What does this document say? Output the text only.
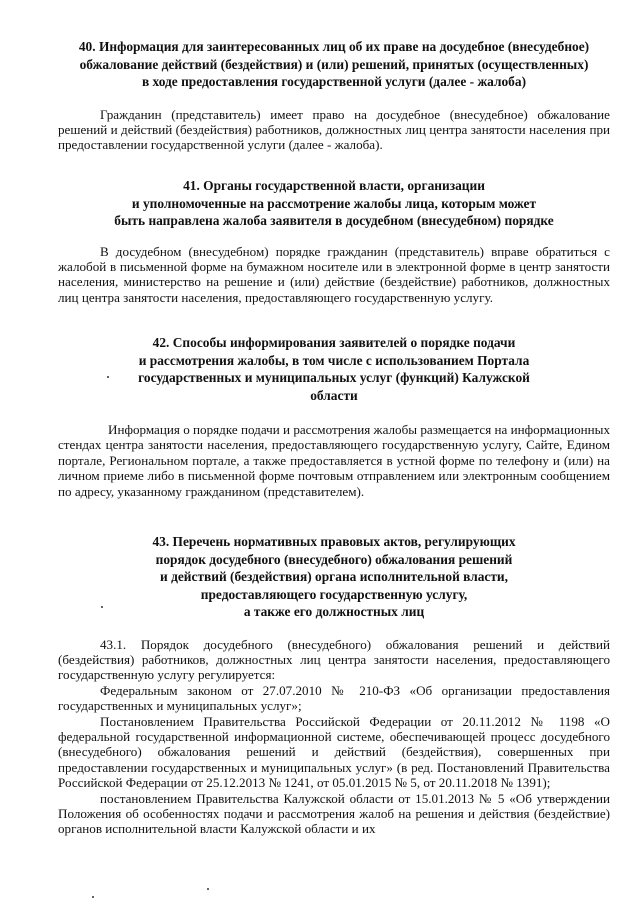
40. Информация для заинтересованных лиц об их праве на досудебное (внесудебное)
обжалование действий (бездействия) и (или) решений, принятых (осуществленных)
в ходе предоставления государственной услуги (далее - жалоба)

Гражданин (представитель) имеет право на досудебное (внесудебное) обжалование решений и действий (бездействия) работников, должностных лиц центра занятости населения при предоставлении государственной услуги (далее - жалоба).

41. Органы государственной власти, организации
и уполномоченные на рассмотрение жалобы лица, которым может
быть направлена жалоба заявителя в досудебном (внесудебном) порядке

В досудебном (внесудебном) порядке гражданин (представитель) вправе обратиться с жалобой в письменной форме на бумажном носителе или в электронной форме в центр занятости населения, министерство на решение и (или) действие (бездействие) работников, должностных лиц центра занятости населения, предоставляющего государственную услугу.

42. Способы информирования заявителей о порядке подачи
и рассмотрения жалобы, в том числе с использованием Портала
государственных и муниципальных услуг (функций) Калужской
области

Информация о порядке подачи и рассмотрения жалобы размещается на информационных стендах центра занятости населения, предоставляющего государственную услугу, Сайте, Едином портале, Региональном портале, а также предоставляется в устной форме по телефону и (или) на личном приеме либо в письменной форме почтовым отправлением или электронным сообщением по адресу, указанному гражданином (представителем).

43. Перечень нормативных правовых актов, регулирующих
порядок досудебного (внесудебного) обжалования решений
и действий (бездействия) органа исполнительной власти,
предоставляющего государственную услугу,
а также его должностных лиц

43.1. Порядок досудебного (внесудебного) обжалования решений и действий (бездействия) работников, должностных лиц центра занятости населения, предоставляющего государственную услугу регулируется:

Федеральным законом от 27.07.2010 № 210-ФЗ «Об организации предоставления государственных и муниципальных услуг»;

Постановлением Правительства Российской Федерации от 20.11.2012 № 1198 «О федеральной государственной информационной системе, обеспечивающей процесс досудебного (внесудебного) обжалования решений и действий (бездействия), совершенных при предоставлении государственных и муниципальных услуг» (в ред. Постановлений Правительства Российской Федерации от 25.12.2013 № 1241, от 05.01.2015 № 5, от 20.11.2018 № 1391);

постановлением Правительства Калужской области от 15.01.2013 № 5 «Об утверждении Положения об особенностях подачи и рассмотрения жалоб на решения и действия (бездействие) органов исполнительной власти Калужской области и их
